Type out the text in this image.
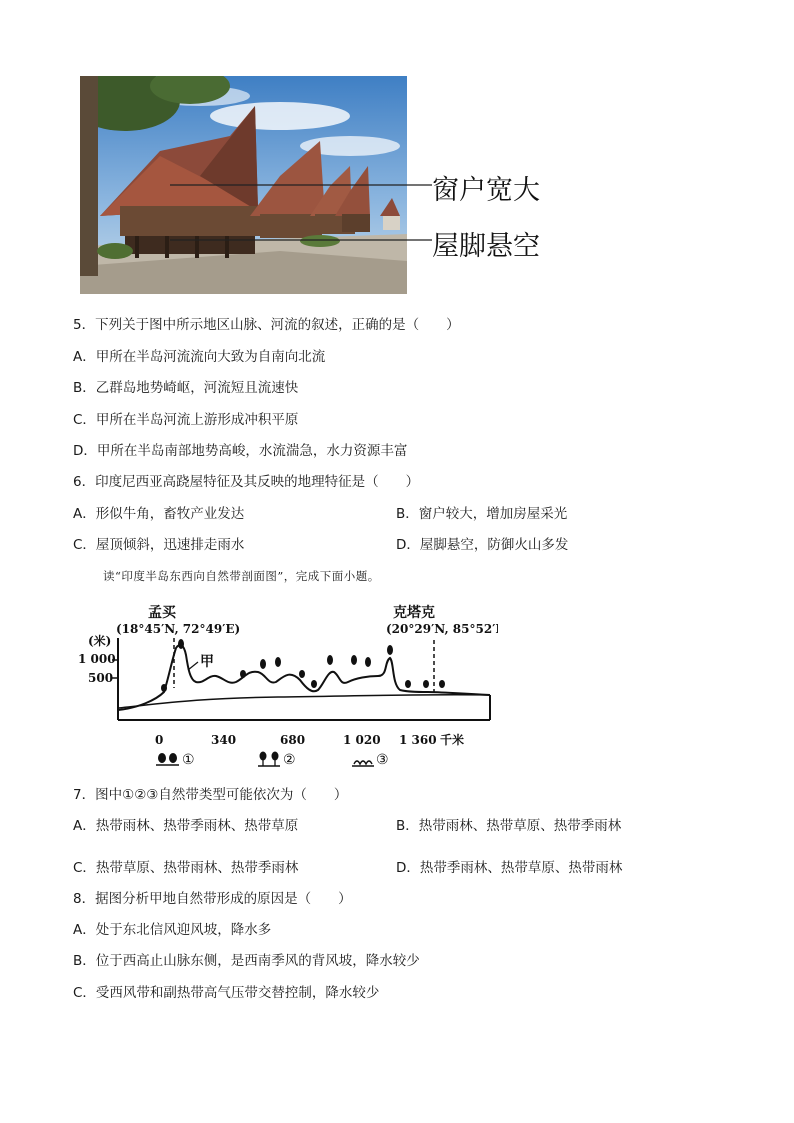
窗户宽大
屋脚悬空
5．下列关于图中所示地区山脉、河流的叙述，正确的是（　　）
A．甲所在半岛河流流向大致为自南向北流
B．乙群岛地势崎岖，河流短且流速快
C．甲所在半岛河流上游形成冲积平原
D．甲所在半岛南部地势高峻，水流湍急，水力资源丰富
6．印度尼西亚高跷屋特征及其反映的地理特征是（　　）
A．形似牛角，畜牧产业发达	B．窗户较大，增加房屋采光
C．屋顶倾斜，迅速排走雨水	D．屋脚悬空，防御火山多发
读“印度半岛东西向自然带剖面图”，完成下面小题。
孟买
(18°45′N, 72°49′E)
克塔克
(20°29′N, 85°52′E)
(米)
1 000
500
甲
0	340	680	1 020 1 360 千米
①	②	③
7．图中①②③自然带类型可能依次为（　　）
A．热带雨林、热带季雨林、热带草原	B．热带雨林、热带草原、热带季雨林
C．热带草原、热带雨林、热带季雨林	D．热带季雨林、热带草原、热带雨林
8．据图分析甲地自然带形成的原因是（　　）
A．处于东北信风迎风坡，降水多
B．位于西高止山脉东侧，是西南季风的背风坡，降水较少
C．受西风带和副热带高气压带交替控制，降水较少
